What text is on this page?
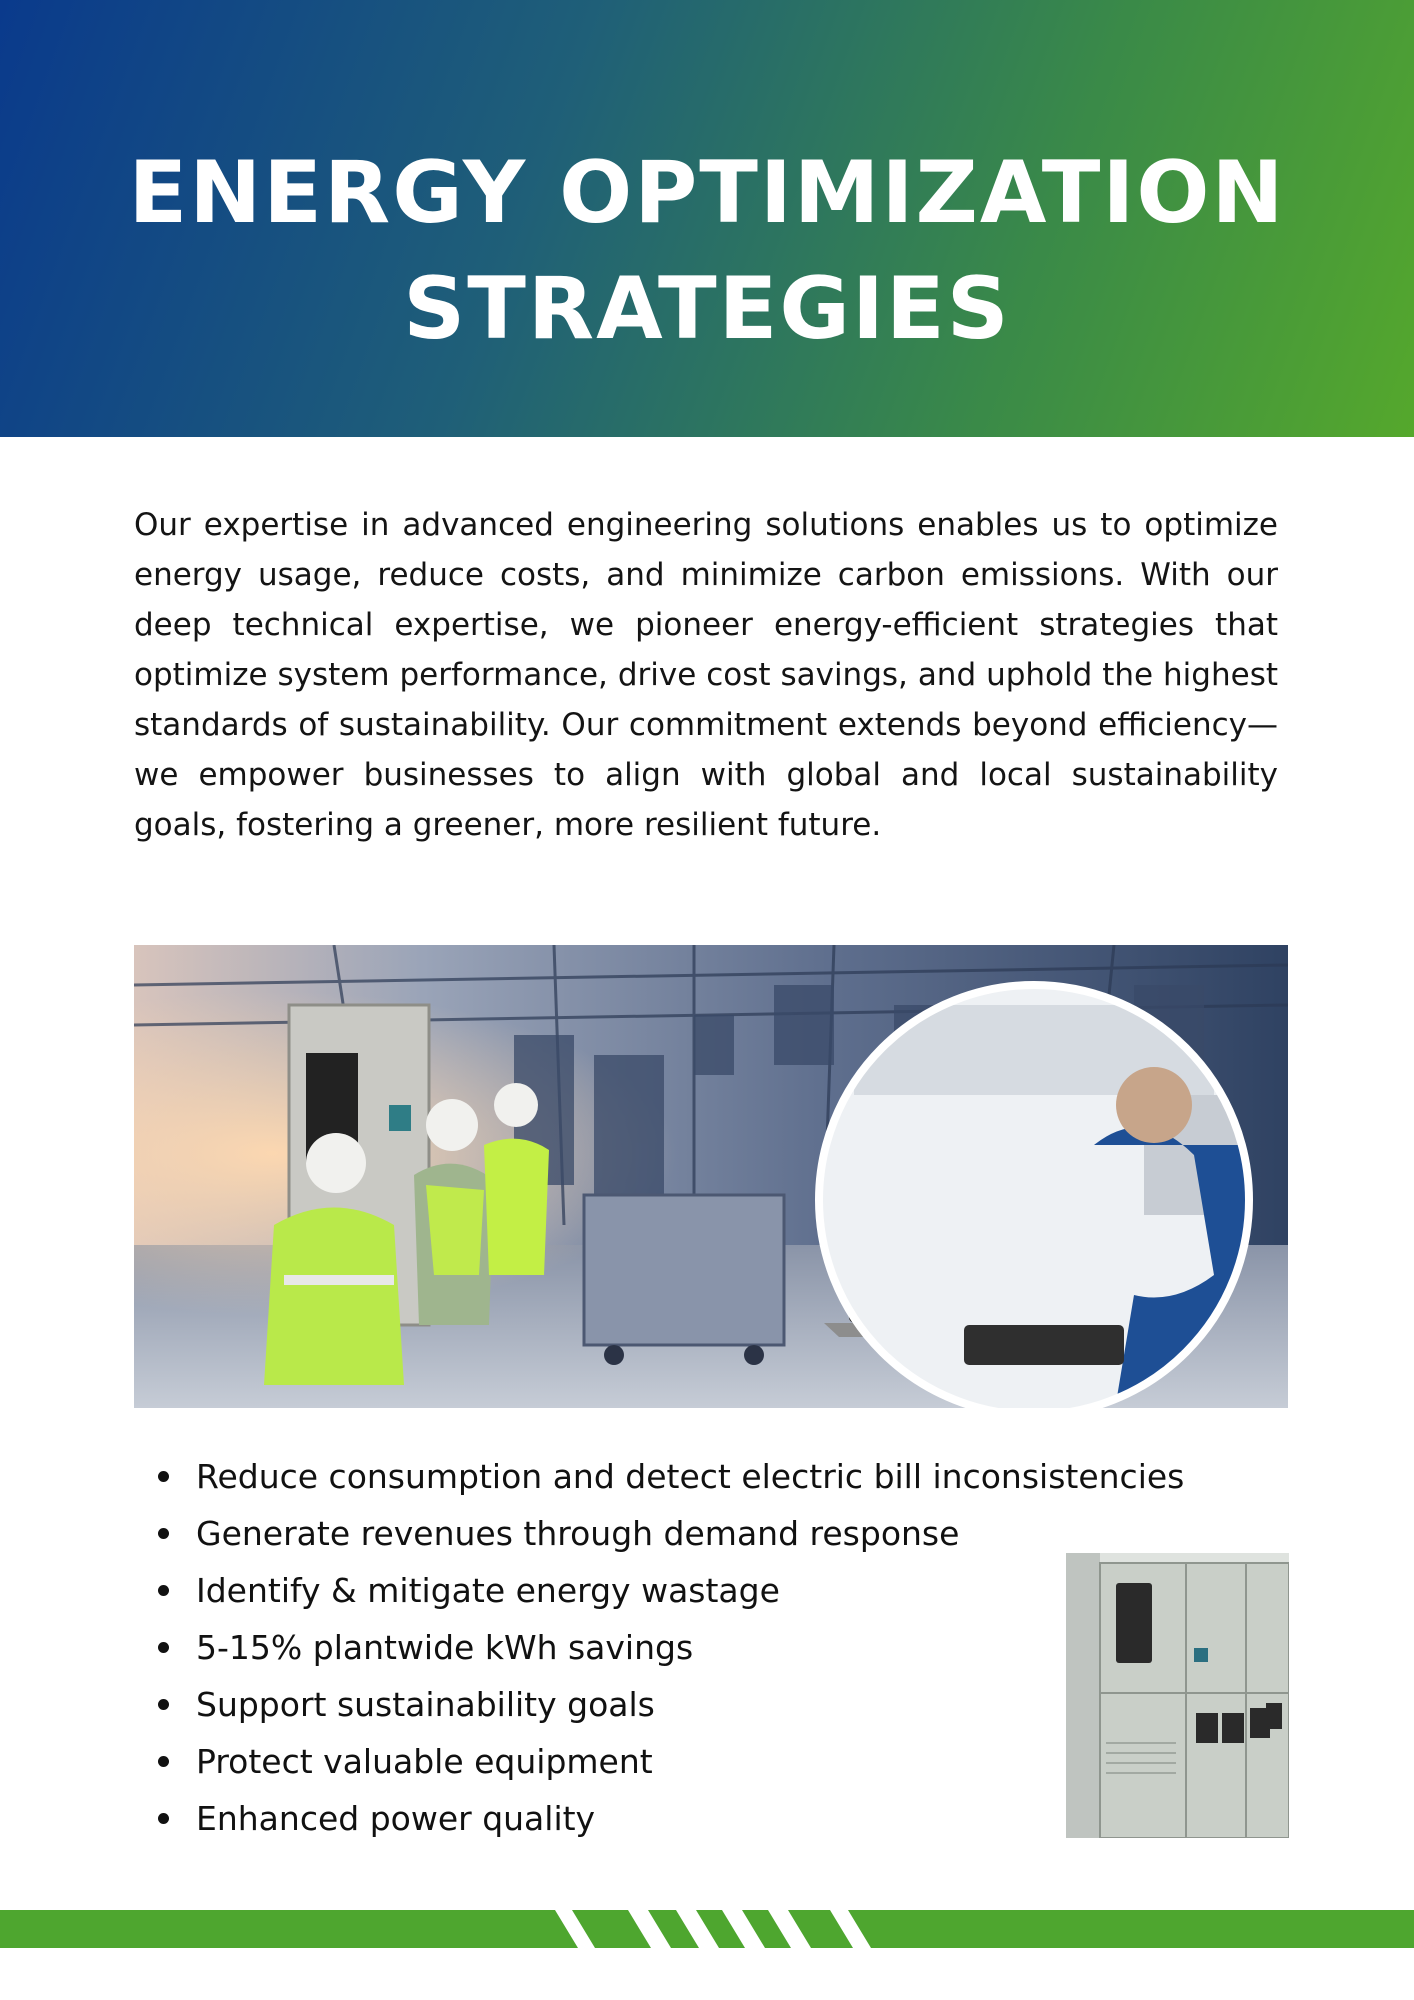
ENERGY OPTIMIZATION
STRATEGIES

Our expertise in advanced engineering solutions enables us to optimize energy usage, reduce costs, and minimize carbon emissions. With our deep technical expertise, we pioneer energy-efficient strategies that optimize system performance, drive cost savings, and uphold the highest standards of sustainability. Our commitment extends beyond efficiency—we empower businesses to align with global and local sustainability goals, fostering a greener, more resilient future.

Reduce consumption and detect electric bill inconsistencies
Generate revenues through demand response
Identify & mitigate energy wastage
5-15% plantwide kWh savings
Support sustainability goals
Protect valuable equipment
Enhanced power quality
